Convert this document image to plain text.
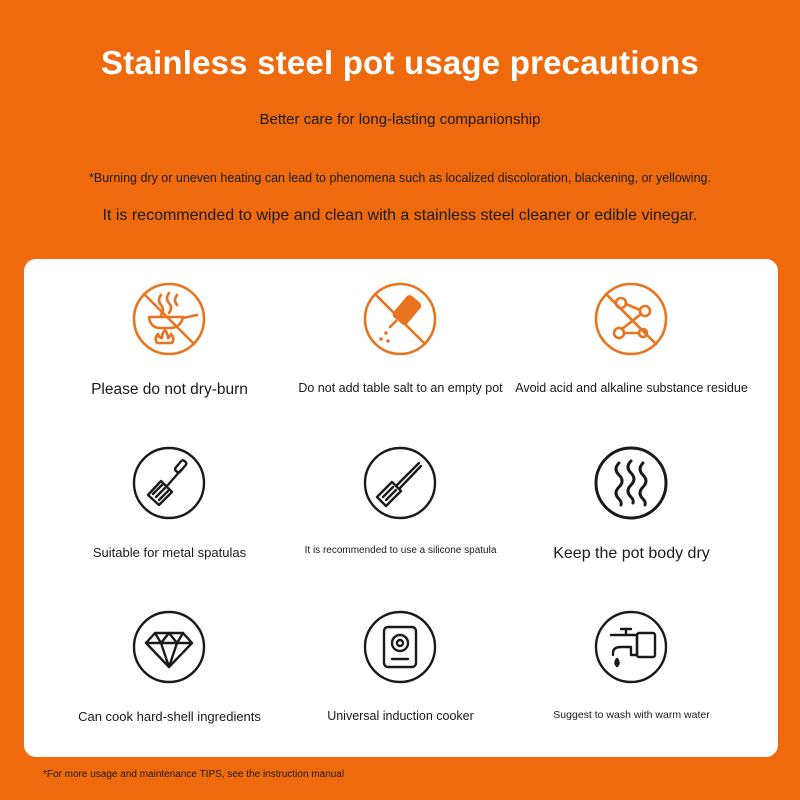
Stainless steel pot usage precautions
Better care for long-lasting companionship
*Burning dry or uneven heating can lead to phenomena such as localized discoloration, blackening, or yellowing.
It is recommended to wipe and clean with a stainless steel cleaner or edible vinegar.
Please do not dry-burn	Do not add table salt to an empty pot	Avoid acid and alkaline substance residue
Suitable for metal spatulas	It is recommended to use a silicone spatula	Keep the pot body dry
Can cook hard-shell ingredients	Universal induction cooker	Suggest to wash with warm water
*For more usage and maintenance TIPS, see the instruction manual
